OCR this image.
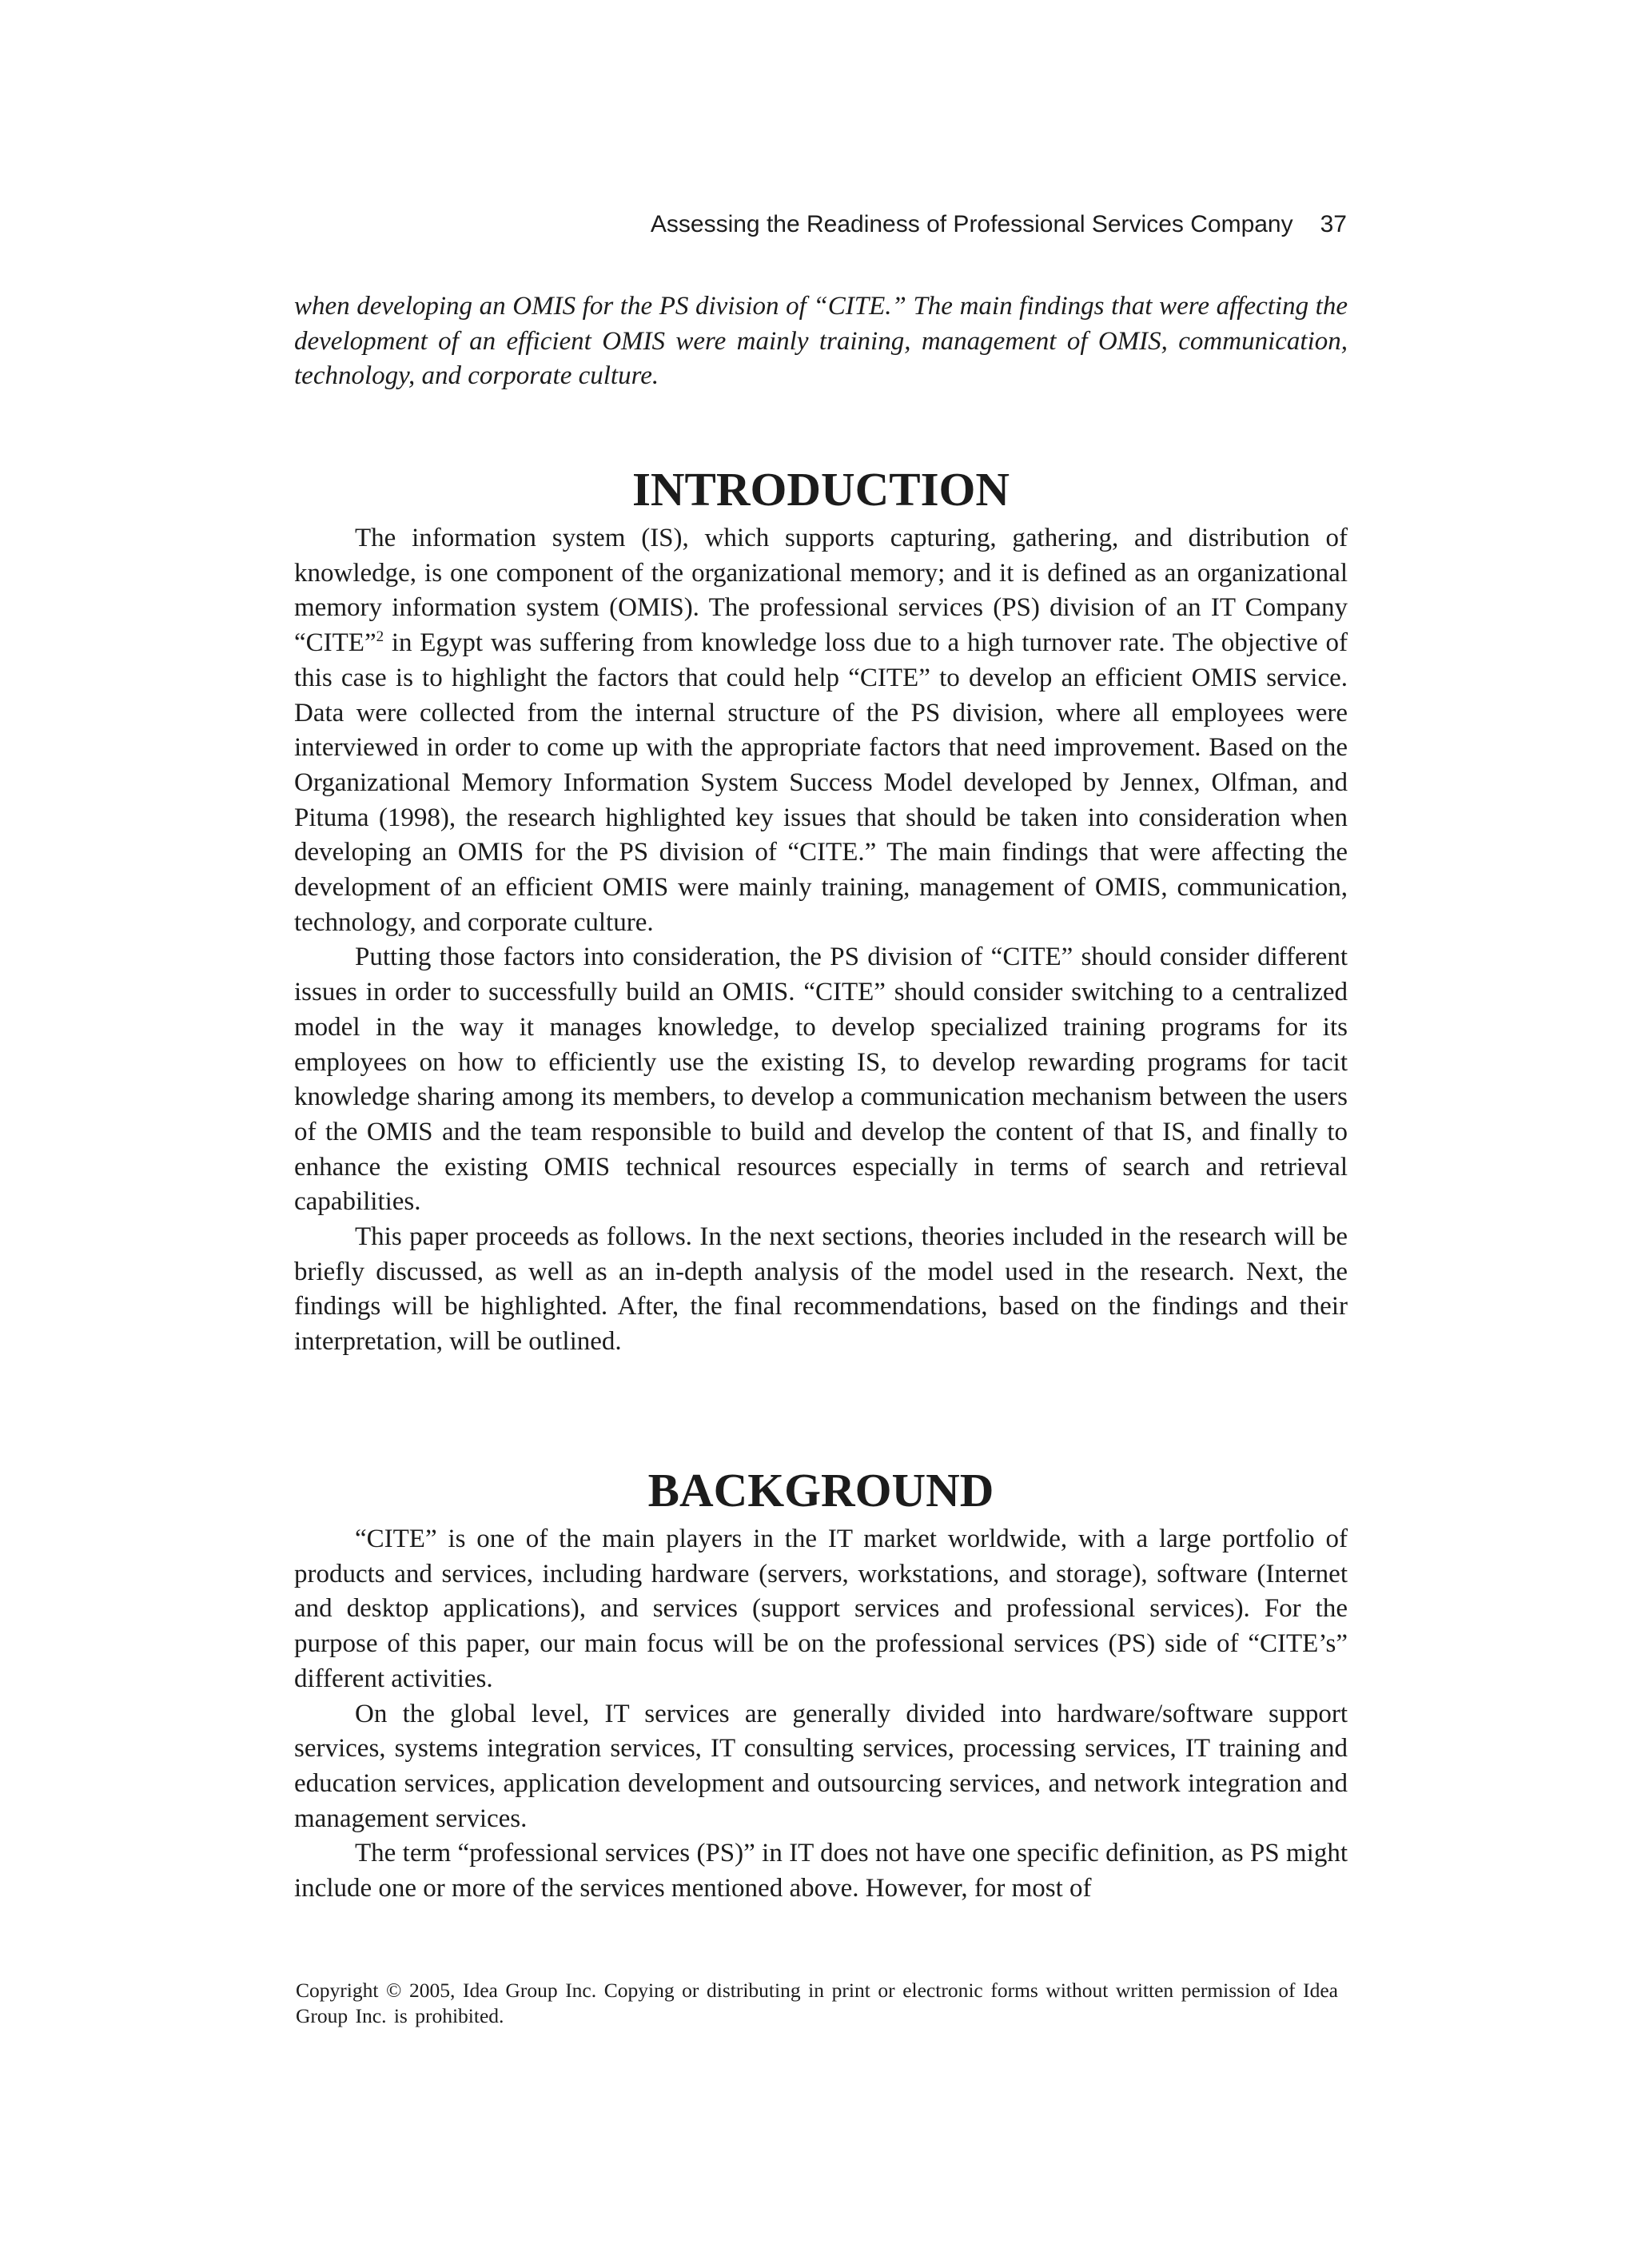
Assessing the Readiness of Professional Services Company 37

when developing an OMIS for the PS division of “CITE.” The main findings that were affecting the development of an efficient OMIS were mainly training, management of OMIS, communication, technology, and corporate culture.

INTRODUCTION

The information system (IS), which supports capturing, gathering, and distribution of knowledge, is one component of the organizational memory; and it is defined as an organizational memory information system (OMIS). The professional services (PS) division of an IT Company “CITE”$^2$ in Egypt was suffering from knowledge loss due to a high turnover rate. The objective of this case is to highlight the factors that could help “CITE” to develop an efficient OMIS service. Data were collected from the internal structure of the PS division, where all employees were interviewed in order to come up with the appropriate factors that need improvement. Based on the Organizational Memory Information System Success Model developed by Jennex, Olfman, and Pituma (1998), the research highlighted key issues that should be taken into consideration when developing an OMIS for the PS division of “CITE.” The main findings that were affecting the development of an efficient OMIS were mainly training, management of OMIS, communication, technology, and corporate culture.

Putting those factors into consideration, the PS division of “CITE” should consider different issues in order to successfully build an OMIS. “CITE” should consider switching to a centralized model in the way it manages knowledge, to develop specialized training programs for its employees on how to efficiently use the existing IS, to develop rewarding programs for tacit knowledge sharing among its members, to develop a communication mechanism between the users of the OMIS and the team responsible to build and develop the content of that IS, and finally to enhance the existing OMIS technical resources especially in terms of search and retrieval capabilities.

This paper proceeds as follows. In the next sections, theories included in the research will be briefly discussed, as well as an in-depth analysis of the model used in the research. Next, the findings will be highlighted. After, the final recommendations, based on the findings and their interpretation, will be outlined.

BACKGROUND

“CITE” is one of the main players in the IT market worldwide, with a large portfolio of products and services, including hardware (servers, workstations, and storage), software (Internet and desktop applications), and services (support services and professional services). For the purpose of this paper, our main focus will be on the professional services (PS) side of “CITE’s” different activities.

On the global level, IT services are generally divided into hardware/software support services, systems integration services, IT consulting services, processing services, IT training and education services, application development and outsourcing services, and network integration and management services.

The term “professional services (PS)” in IT does not have one specific definition, as PS might include one or more of the services mentioned above. However, for most of

Copyright © 2005, Idea Group Inc. Copying or distributing in print or electronic forms without written permission of Idea Group Inc. is prohibited.
